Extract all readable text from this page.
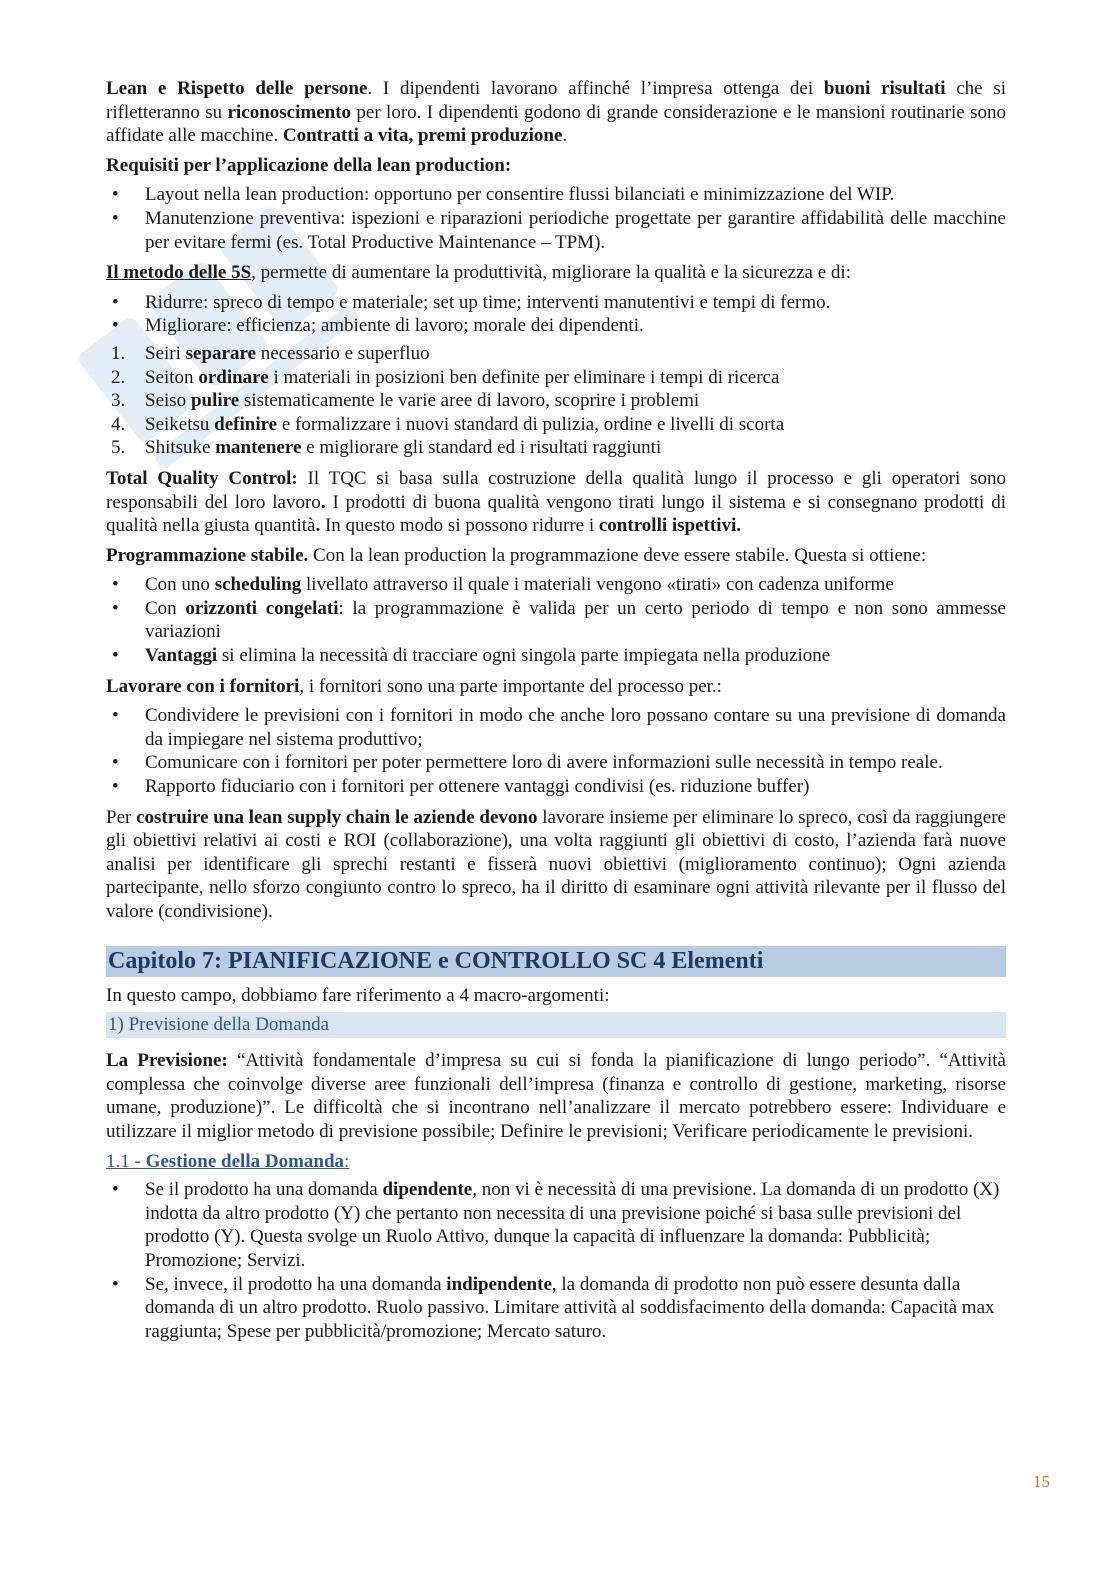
Lean e Rispetto delle persone. I dipendenti lavorano affinché l’impresa ottenga dei buoni risultati che si rifletteranno su riconoscimento per loro. I dipendenti godono di grande considerazione e le mansioni routinarie sono affidate alle macchine. Contratti a vita, premi produzione.

Requisiti per l’applicazione della lean production:

• Layout nella lean production: opportuno per consentire flussi bilanciati e minimizzazione del WIP.
• Manutenzione preventiva: ispezioni e riparazioni periodiche progettate per garantire affidabilità delle macchine per evitare fermi (es. Total Productive Maintenance – TPM).

Il metodo delle 5S, permette di aumentare la produttività, migliorare la qualità e la sicurezza e di:

• Ridurre: spreco di tempo e materiale; set up time; interventi manutentivi e tempi di fermo.
• Migliorare: efficienza; ambiente di lavoro; morale dei dipendenti.
1. Seiri separare necessario e superfluo
2. Seiton ordinare i materiali in posizioni ben definite per eliminare i tempi di ricerca
3. Seiso pulire sistematicamente le varie aree di lavoro, scoprire i problemi
4. Seiketsu definire e formalizzare i nuovi standard di pulizia, ordine e livelli di scorta
5. Shitsuke mantenere e migliorare gli standard ed i risultati raggiunti

Total Quality Control: Il TQC si basa sulla costruzione della qualità lungo il processo e gli operatori sono responsabili del loro lavoro. I prodotti di buona qualità vengono tirati lungo il sistema e si consegnano prodotti di qualità nella giusta quantità. In questo modo si possono ridurre i controlli ispettivi.

Programmazione stabile. Con la lean production la programmazione deve essere stabile. Questa si ottiene:

• Con uno scheduling livellato attraverso il quale i materiali vengono «tirati» con cadenza uniforme
• Con orizzonti congelati: la programmazione è valida per un certo periodo di tempo e non sono ammesse variazioni
• Vantaggi si elimina la necessità di tracciare ogni singola parte impiegata nella produzione

Lavorare con i fornitori, i fornitori sono una parte importante del processo per.:

• Condividere le previsioni con i fornitori in modo che anche loro possano contare su una previsione di domanda da impiegare nel sistema produttivo;
• Comunicare con i fornitori per poter permettere loro di avere informazioni sulle necessità in tempo reale.
• Rapporto fiduciario con i fornitori per ottenere vantaggi condivisi (es. riduzione buffer)

Per costruire una lean supply chain le aziende devono lavorare insieme per eliminare lo spreco, così da raggiungere gli obiettivi relativi ai costi e ROI (collaborazione), una volta raggiunti gli obiettivi di costo, l’azienda farà nuove analisi per identificare gli sprechi restanti e fisserà nuovi obiettivi (miglioramento continuo); Ogni azienda partecipante, nello sforzo congiunto contro lo spreco, ha il diritto di esaminare ogni attività rilevante per il flusso del valore (condivisione).

Capitolo 7: PIANIFICAZIONE e CONTROLLO SC 4 Elementi

In questo campo, dobbiamo fare riferimento a 4 macro-argomenti:

1) Previsione della Domanda

La Previsione: “Attività fondamentale d’impresa su cui si fonda la pianificazione di lungo periodo”. “Attività complessa che coinvolge diverse aree funzionali dell’impresa (finanza e controllo di gestione, marketing, risorse umane, produzione)”. Le difficoltà che si incontrano nell’analizzare il mercato potrebbero essere: Individuare e utilizzare il miglior metodo di previsione possibile; Definire le previsioni; Verificare periodicamente le previsioni.

1.1 - Gestione della Domanda:
• Se il prodotto ha una domanda dipendente, non vi è necessità di una previsione. La domanda di un prodotto (X) indotta da altro prodotto (Y) che pertanto non necessita di una previsione poiché si basa sulle previsioni del prodotto (Y). Questa svolge un Ruolo Attivo, dunque la capacità di influenzare la domanda: Pubblicità; Promozione; Servizi.
• Se, invece, il prodotto ha una domanda indipendente, la domanda di prodotto non può essere desunta dalla domanda di un altro prodotto. Ruolo passivo. Limitare attività al soddisfacimento della domanda: Capacità max raggiunta; Spese per pubblicità/promozione; Mercato saturo.
15
